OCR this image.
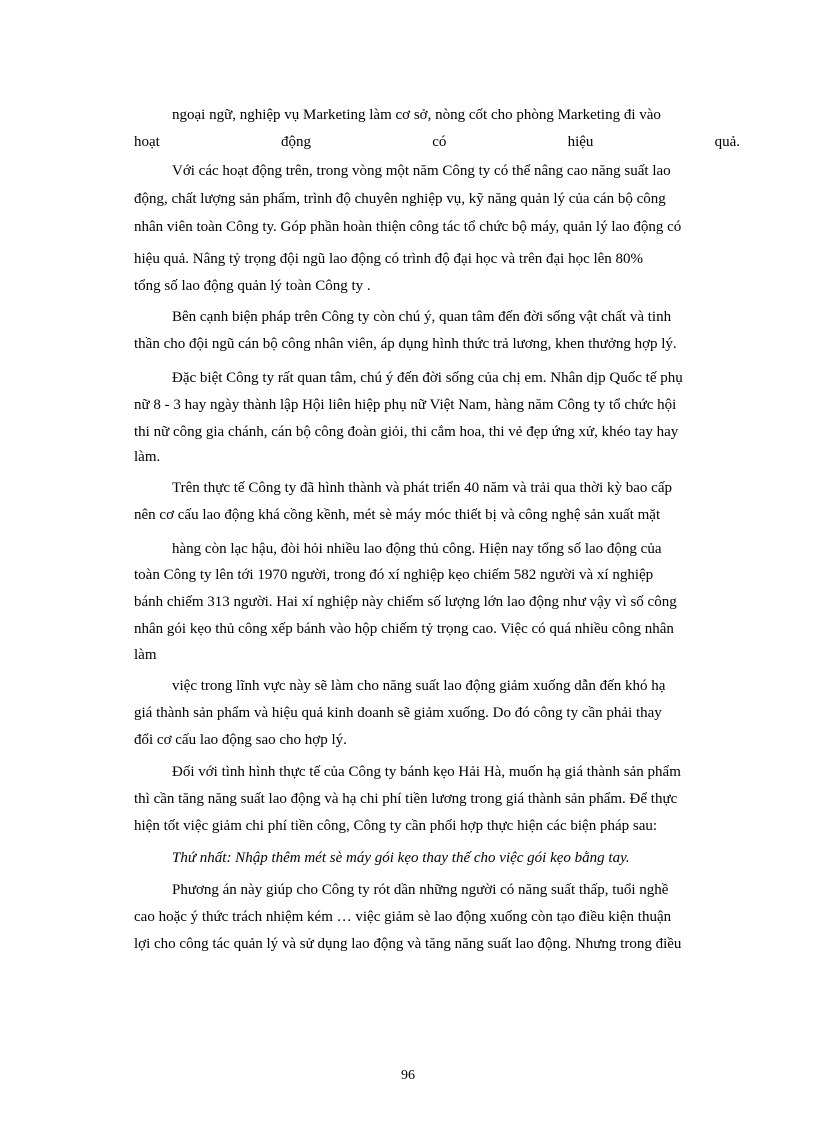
ngoại ngữ, nghiệp vụ Marketing làm cơ sở, nòng cốt cho phòng Marketing đi vào
hoạt	động	có	hiệu	quả.
Với các hoạt động trên, trong vòng một năm Công ty có thể nâng cao năng suất lao
động, chất lượng sản phẩm, trình độ chuyên nghiệp vụ, kỹ năng quản lý của cán bộ công
nhân viên toàn Công ty. Góp phần hoàn thiện công tác tổ chức bộ máy, quản lý lao động có
hiệu quả. Nâng tỷ trọng đội ngũ lao động có trình độ đại học và trên đại học lên 80%
tổng số lao động quản lý toàn Công ty .
Bên cạnh biện pháp trên Công ty còn chú ý, quan tâm đến đời sống vật chất và tinh
thần cho đội ngũ cán bộ công nhân viên, áp dụng hình thức trả lương, khen thưởng hợp lý.
Đặc biệt Công ty rất quan tâm, chú ý đến đời sống của chị em. Nhân dịp Quốc tế phụ
nữ 8 - 3 hay ngày thành lập Hội liên hiệp phụ nữ Việt Nam, hàng năm Công ty tổ chức hội
thi nữ công gia chánh, cán bộ công đoàn giỏi, thi cắm hoa, thi vẻ đẹp ứng xử, khéo tay hay
làm.
Trên thực tế Công ty đã hình thành và phát triển 40 năm và trải qua thời kỳ bao cấp
nên cơ cấu lao động khá cồng kềnh, mét sè máy móc thiết bị và công nghệ sản xuất mặt
hàng còn lạc hậu, đòi hỏi nhiều lao động thủ công. Hiện nay tổng số lao động của
toàn Công ty lên tới 1970 người, trong đó xí nghiệp kẹo chiếm 582 người và xí nghiệp
bánh chiếm 313 người. Hai xí nghiệp này chiếm số lượng lớn lao động như vậy vì số công
nhân gói kẹo thủ công xếp bánh vào hộp chiếm tỷ trọng cao. Việc có quá nhiều công nhân
làm
việc trong lĩnh vực này sẽ làm cho năng suất lao động giảm xuống dẫn đến khó hạ
giá thành sản phẩm và hiệu quả kinh doanh sẽ giảm xuống. Do đó công ty cần phải thay
đổi cơ cấu lao động sao cho hợp lý.
Đối với tình hình thực tế của Công ty bánh kẹo Hải Hà, muốn hạ giá thành sản phẩm
thì cần tăng năng suất lao động và hạ chi phí tiền lương trong giá thành sản phẩm. Để thực
hiện tốt việc giảm chi phí tiền công, Công ty cần phối hợp thực hiện các biện pháp sau:
Thứ nhất: Nhập thêm mét sè máy gói kẹo thay thế cho việc gói kẹo bằng tay.
Phương án này giúp cho Công ty rót dần những người có năng suất thấp, tuổi nghề
cao hoặc ý thức trách nhiệm kém … việc giảm sè lao động xuống còn tạo điều kiện thuận
lợi cho công tác quản lý và sử dụng lao động và tăng năng suất lao động. Nhưng trong điều
96
